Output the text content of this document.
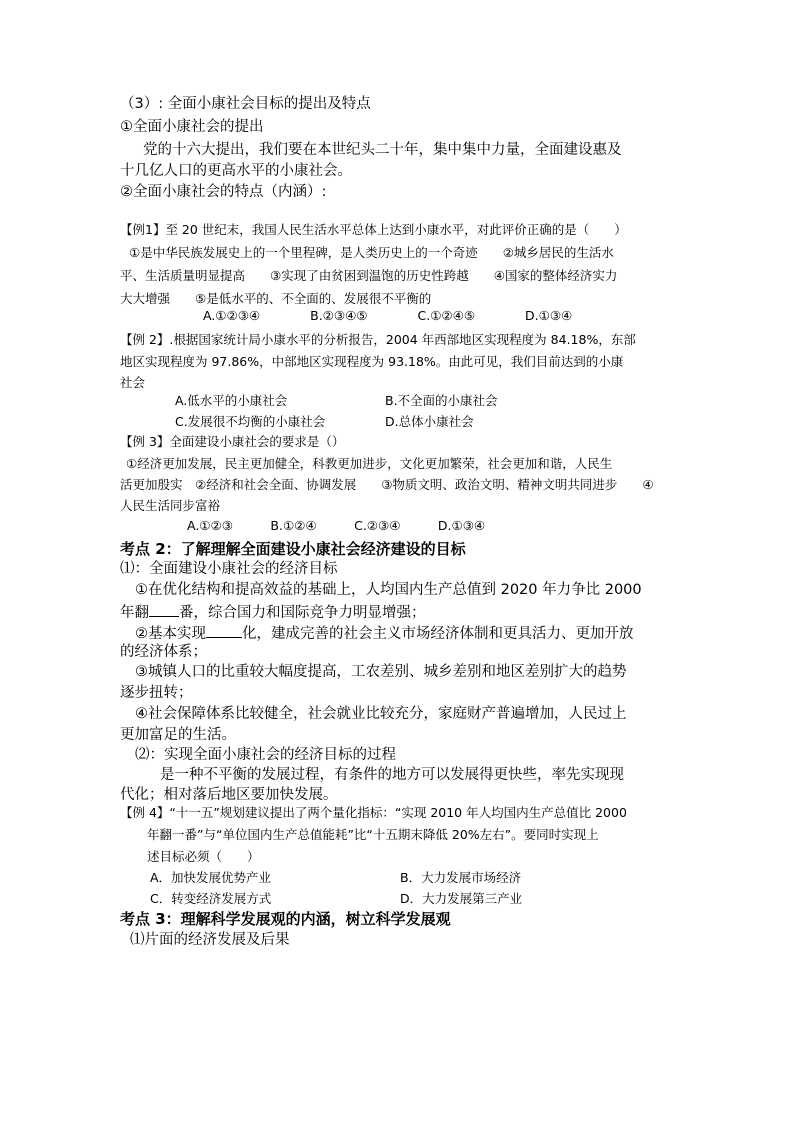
（3）: 全面小康社会目标的提出及特点
①全面小康社会的提出
党的十六大提出，我们要在本世纪头二十年，集中集中力量，全面建设惠及
十几亿人口的更高水平的小康社会。
②全面小康社会的特点（内涵）:
【例1】至 20 世纪末，我国人民生活水平总体上达到小康水平，对此评价正确的是（　　）
①是中华民族发展史上的一个里程碑，是人类历史上的一个奇迹　　②城乡居民的生活水
平、生活质量明显提高　　③实现了由贫困到温饱的历史性跨越　　④国家的整体经济实力
大大增强　　⑤是低水平的、不全面的、发展很不平衡的
A.①②③④　　　　B.②③④⑤　　　　C.①②④⑤　　　　D.①③④
【例 2】.根据国家统计局小康水平的分析报告，2004 年西部地区实现程度为 84.18%，东部
地区实现程度为 97.86%，中部地区实现程度为 93.18%。由此可见，我们目前达到的小康
社会
A.低水平的小康社会	B.不全面的小康社会
C.发展很不均衡的小康社会	D.总体小康社会
【例 3】全面建设小康社会的要求是（）
①经济更加发展，民主更加健全，科教更加进步，文化更加繁荣，社会更加和谐，人民生
活更加殷实　②经济和社会全面、协调发展　　③物质文明、政治文明、精神文明共同进步　　④
人民生活同步富裕
A.①②③　　　B.①②④　　　C.②③④　　　D.①③④
考点 2：了解理解全面建设小康社会经济建设的目标
⑴：全面建设小康社会的经济目标
①在优化结构和提高效益的基础上，人均国内生产总值到 2020 年力争比 2000
年翻 番，综合国力和国际竞争力明显增强；
②基本实现 化，建成完善的社会主义市场经济体制和更具活力、更加开放
的经济体系；
③城镇人口的比重较大幅度提高，工农差别、城乡差别和地区差别扩大的趋势
逐步扭转；
④社会保障体系比较健全，社会就业比较充分，家庭财产普遍增加，人民过上
更加富足的生活。
⑵：实现全面小康社会的经济目标的过程
是一种不平衡的发展过程，有条件的地方可以发展得更快些，率先实现现
代化；相对落后地区要加快发展。
【例 4】“十一五”规划建议提出了两个量化指标：“实现 2010 年人均国内生产总值比 2000
年翻一番”与“单位国内生产总值能耗”比“十五期末降低 20%左右”。要同时实现上
述目标必须（　　）
A．加快发展优势产业	B．大力发展市场经济
C．转变经济发展方式	D．大力发展第三产业
考点 3：理解科学发展观的内涵，树立科学发展观
⑴片面的经济发展及后果
